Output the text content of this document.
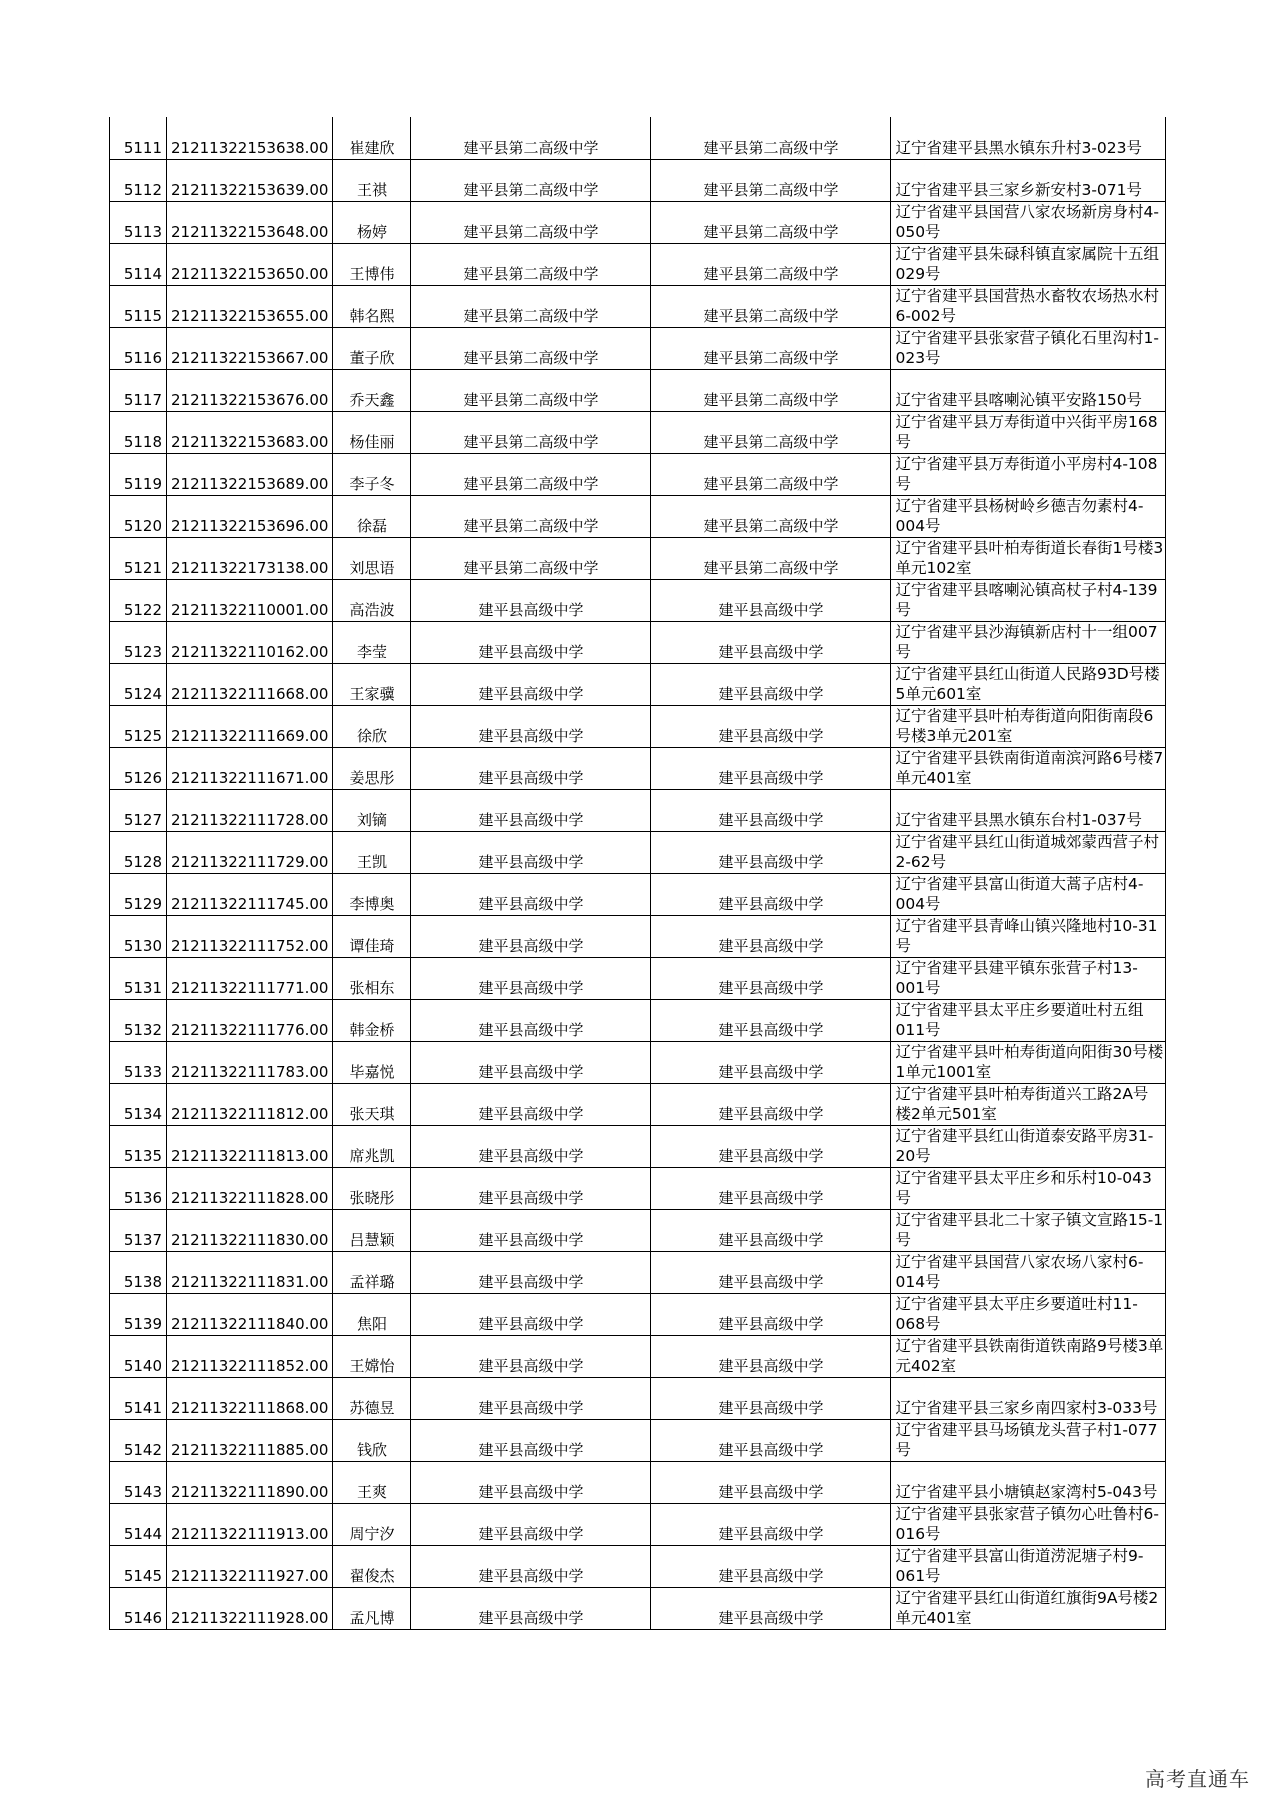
5111	21211322153638.00	崔建欣	建平县第二高级中学	建平县第二高级中学	辽宁省建平县黑水镇东升村3-023号
5112	21211322153639.00	王祺	建平县第二高级中学	建平县第二高级中学	辽宁省建平县三家乡新安村3-071号
5113	21211322153648.00	杨婷	建平县第二高级中学	建平县第二高级中学	辽宁省建平县国营八家农场新房身村4-050号
5114	21211322153650.00	王博伟	建平县第二高级中学	建平县第二高级中学	辽宁省建平县朱碌科镇直家属院十五组029号
5115	21211322153655.00	韩名熙	建平县第二高级中学	建平县第二高级中学	辽宁省建平县国营热水畜牧农场热水村6-002号
5116	21211322153667.00	董子欣	建平县第二高级中学	建平县第二高级中学	辽宁省建平县张家营子镇化石里沟村1-023号
5117	21211322153676.00	乔天鑫	建平县第二高级中学	建平县第二高级中学	辽宁省建平县喀喇沁镇平安路150号
5118	21211322153683.00	杨佳丽	建平县第二高级中学	建平县第二高级中学	辽宁省建平县万寿街道中兴街平房168号
5119	21211322153689.00	李子冬	建平县第二高级中学	建平县第二高级中学	辽宁省建平县万寿街道小平房村4-108号
5120	21211322153696.00	徐磊	建平县第二高级中学	建平县第二高级中学	辽宁省建平县杨树岭乡德吉勿素村4-004号
5121	21211322173138.00	刘思语	建平县第二高级中学	建平县第二高级中学	辽宁省建平县叶柏寿街道长春街1号楼3单元102室
5122	21211322110001.00	高浩波	建平县高级中学	建平县高级中学	辽宁省建平县喀喇沁镇高杖子村4-139号
5123	21211322110162.00	李莹	建平县高级中学	建平县高级中学	辽宁省建平县沙海镇新店村十一组007号
5124	21211322111668.00	王家骥	建平县高级中学	建平县高级中学	辽宁省建平县红山街道人民路93D号楼5单元601室
5125	21211322111669.00	徐欣	建平县高级中学	建平县高级中学	辽宁省建平县叶柏寿街道向阳街南段6号楼3单元201室
5126	21211322111671.00	姜思彤	建平县高级中学	建平县高级中学	辽宁省建平县铁南街道南滨河路6号楼7单元401室
5127	21211322111728.00	刘镝	建平县高级中学	建平县高级中学	辽宁省建平县黑水镇东台村1-037号
5128	21211322111729.00	王凯	建平县高级中学	建平县高级中学	辽宁省建平县红山街道城郊蒙西营子村2-62号
5129	21211322111745.00	李博奥	建平县高级中学	建平县高级中学	辽宁省建平县富山街道大蒿子店村4-004号
5130	21211322111752.00	谭佳琦	建平县高级中学	建平县高级中学	辽宁省建平县青峰山镇兴隆地村10-31号
5131	21211322111771.00	张相东	建平县高级中学	建平县高级中学	辽宁省建平县建平镇东张营子村13-001号
5132	21211322111776.00	韩金桥	建平县高级中学	建平县高级中学	辽宁省建平县太平庄乡要道吐村五组011号
5133	21211322111783.00	毕嘉悦	建平县高级中学	建平县高级中学	辽宁省建平县叶柏寿街道向阳街30号楼1单元1001室
5134	21211322111812.00	张天琪	建平县高级中学	建平县高级中学	辽宁省建平县叶柏寿街道兴工路2A号楼2单元501室
5135	21211322111813.00	席兆凯	建平县高级中学	建平县高级中学	辽宁省建平县红山街道泰安路平房31-20号
5136	21211322111828.00	张晓彤	建平县高级中学	建平县高级中学	辽宁省建平县太平庄乡和乐村10-043号
5137	21211322111830.00	吕慧颖	建平县高级中学	建平县高级中学	辽宁省建平县北二十家子镇文宣路15-1号
5138	21211322111831.00	孟祥璐	建平县高级中学	建平县高级中学	辽宁省建平县国营八家农场八家村6-014号
5139	21211322111840.00	焦阳	建平县高级中学	建平县高级中学	辽宁省建平县太平庄乡要道吐村11-068号
5140	21211322111852.00	王嫦怡	建平县高级中学	建平县高级中学	辽宁省建平县铁南街道铁南路9号楼3单元402室
5141	21211322111868.00	苏德昱	建平县高级中学	建平县高级中学	辽宁省建平县三家乡南四家村3-033号
5142	21211322111885.00	钱欣	建平县高级中学	建平县高级中学	辽宁省建平县马场镇龙头营子村1-077号
5143	21211322111890.00	王爽	建平县高级中学	建平县高级中学	辽宁省建平县小塘镇赵家湾村5-043号
5144	21211322111913.00	周宁汐	建平县高级中学	建平县高级中学	辽宁省建平县张家营子镇勿心吐鲁村6-016号
5145	21211322111927.00	翟俊杰	建平县高级中学	建平县高级中学	辽宁省建平县富山街道涝泥塘子村9-061号
5146	21211322111928.00	孟凡博	建平县高级中学	建平县高级中学	辽宁省建平县红山街道红旗街9A号楼2单元401室
高考直通车
